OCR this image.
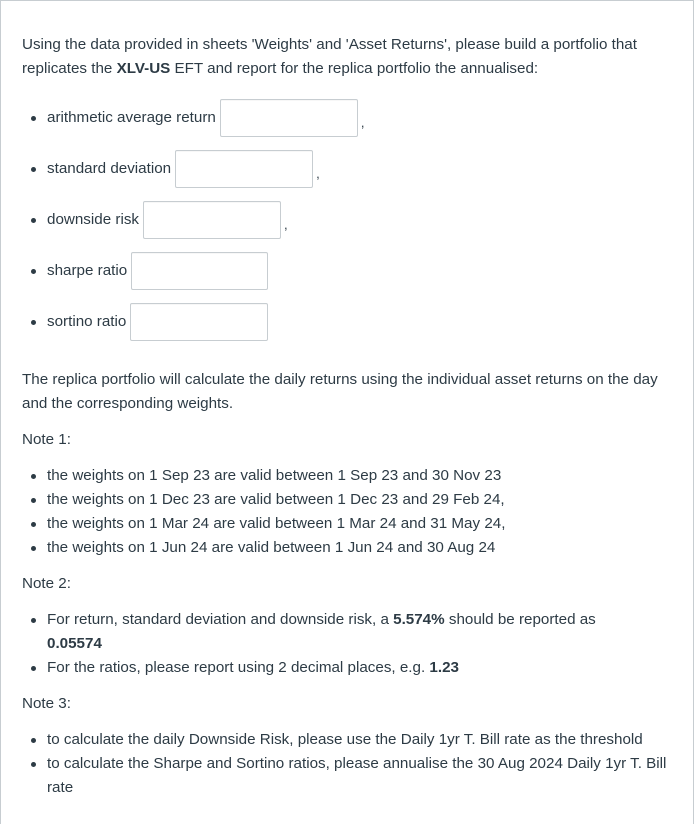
Using the data provided in sheets 'Weights' and 'Asset Returns', please build a portfolio that replicates the XLV-US EFT and report for the replica portfolio the annualised:

arithmetic average return	,
standard deviation	,
downside risk	,
sharpe ratio
sortino ratio

The replica portfolio will calculate the daily returns using the individual asset returns on the day and the corresponding weights.

Note 1:

the weights on 1 Sep 23 are valid between 1 Sep 23 and 30 Nov 23
the weights on 1 Dec 23 are valid between 1 Dec 23 and 29 Feb 24,
the weights on 1 Mar 24 are valid between 1 Mar 24 and 31 May 24,
the weights on 1 Jun 24 are valid between 1 Jun 24 and 30 Aug 24

Note 2:

For return, standard deviation and downside risk, a 5.574% should be reported as
0.05574
For the ratios, please report using 2 decimal places, e.g. 1.23

Note 3:

to calculate the daily Downside Risk, please use the Daily 1yr T. Bill rate as the threshold
to calculate the Sharpe and Sortino ratios, please annualise the 30 Aug 2024 Daily 1yr T. Bill rate
